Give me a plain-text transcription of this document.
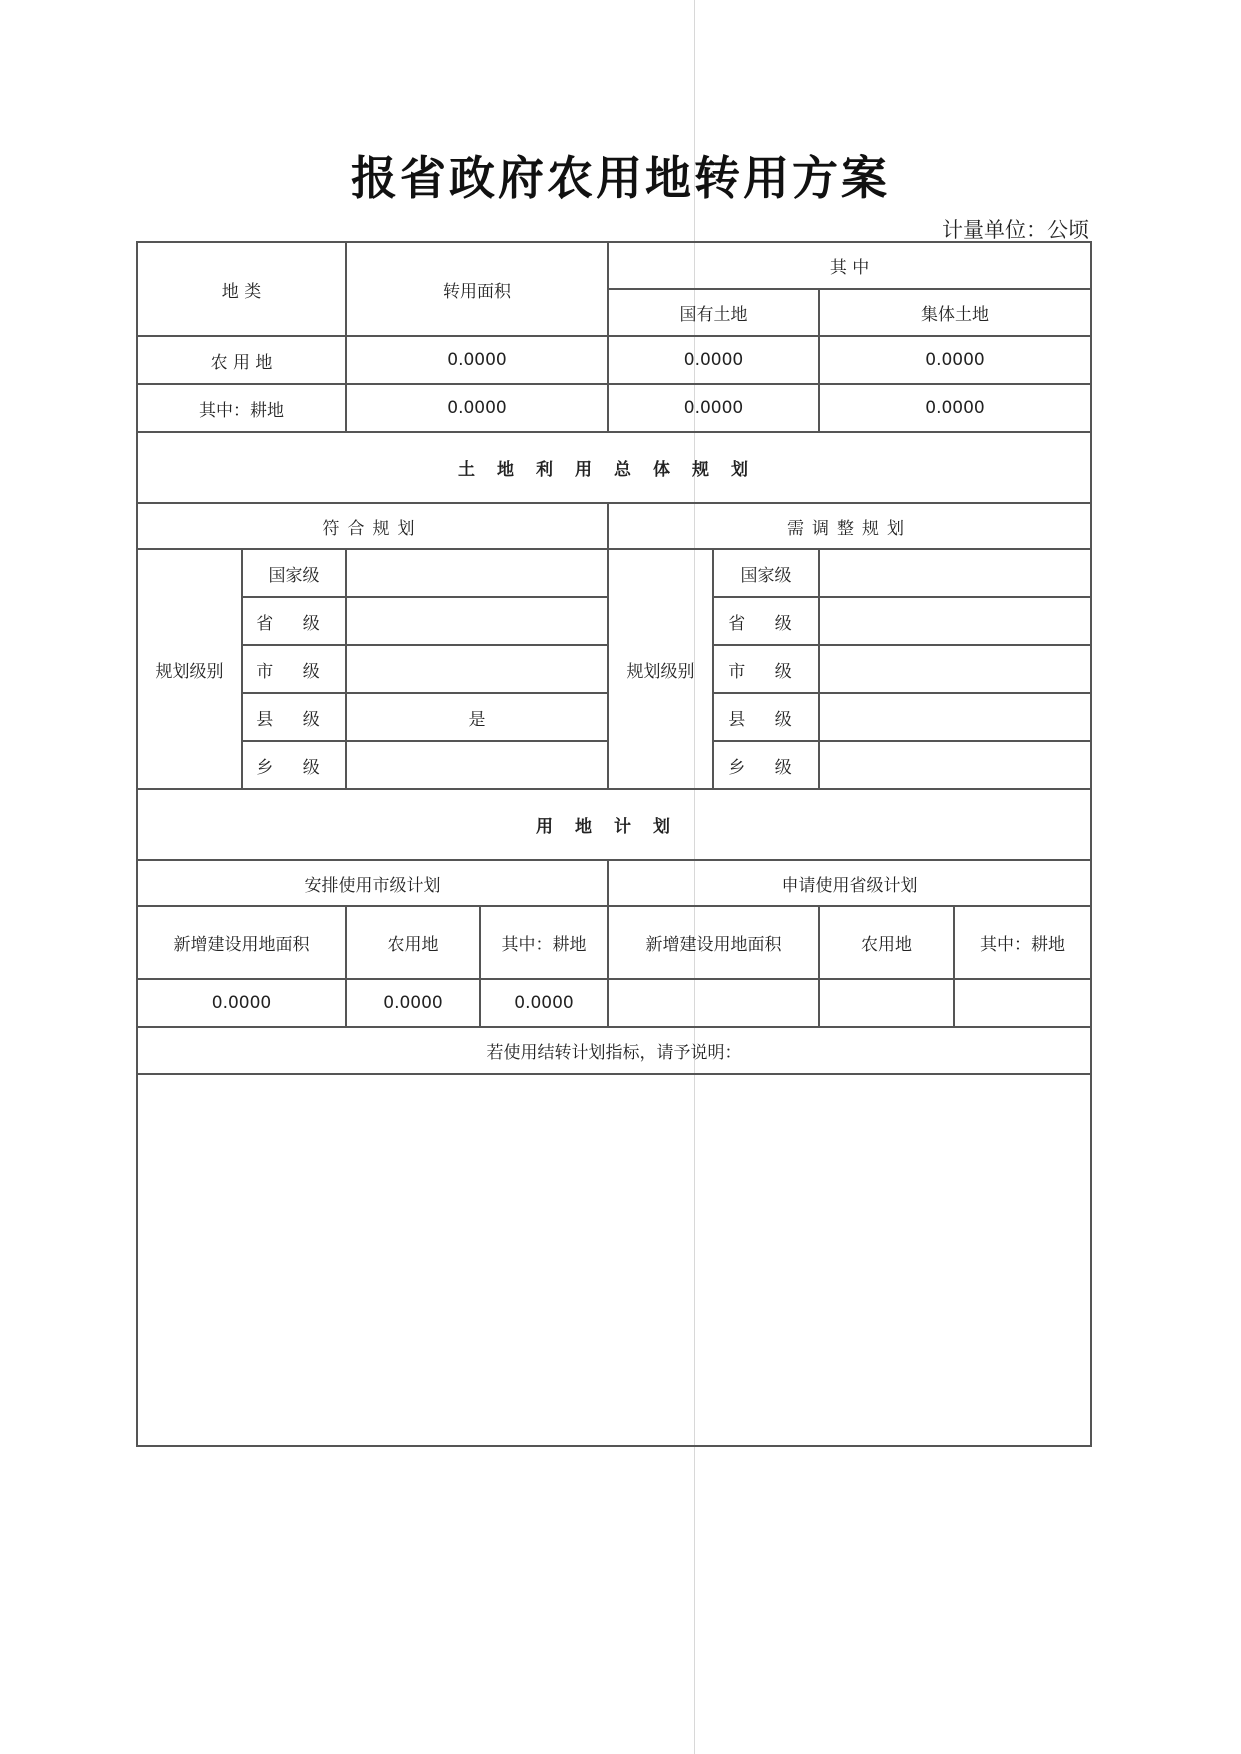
报省政府农用地转用方案
计量单位：公顷
地 类		转用面积		其 中			
				国有土地		集体土地	
农 用 地		0.0000		0.0000		0.0000	
其中：耕地		0.0000		0.0000		0.0000	
土地利用总体规划							
符合规划				需调整规划			
规划级别	国家级			规划级别	国家级		
	省 级				省 级		
	市 级				市 级		
	县 级	是			县 级		
	乡 级				乡 级		
用地计划							
安排使用市级计划				申请使用省级计划			
新增建设用地面积		农用地	其中：耕地	新增建设用地面积		农用地	其中：耕地
0.0000		0.0000	0.0000				
若使用结转计划指标，请予说明：							
